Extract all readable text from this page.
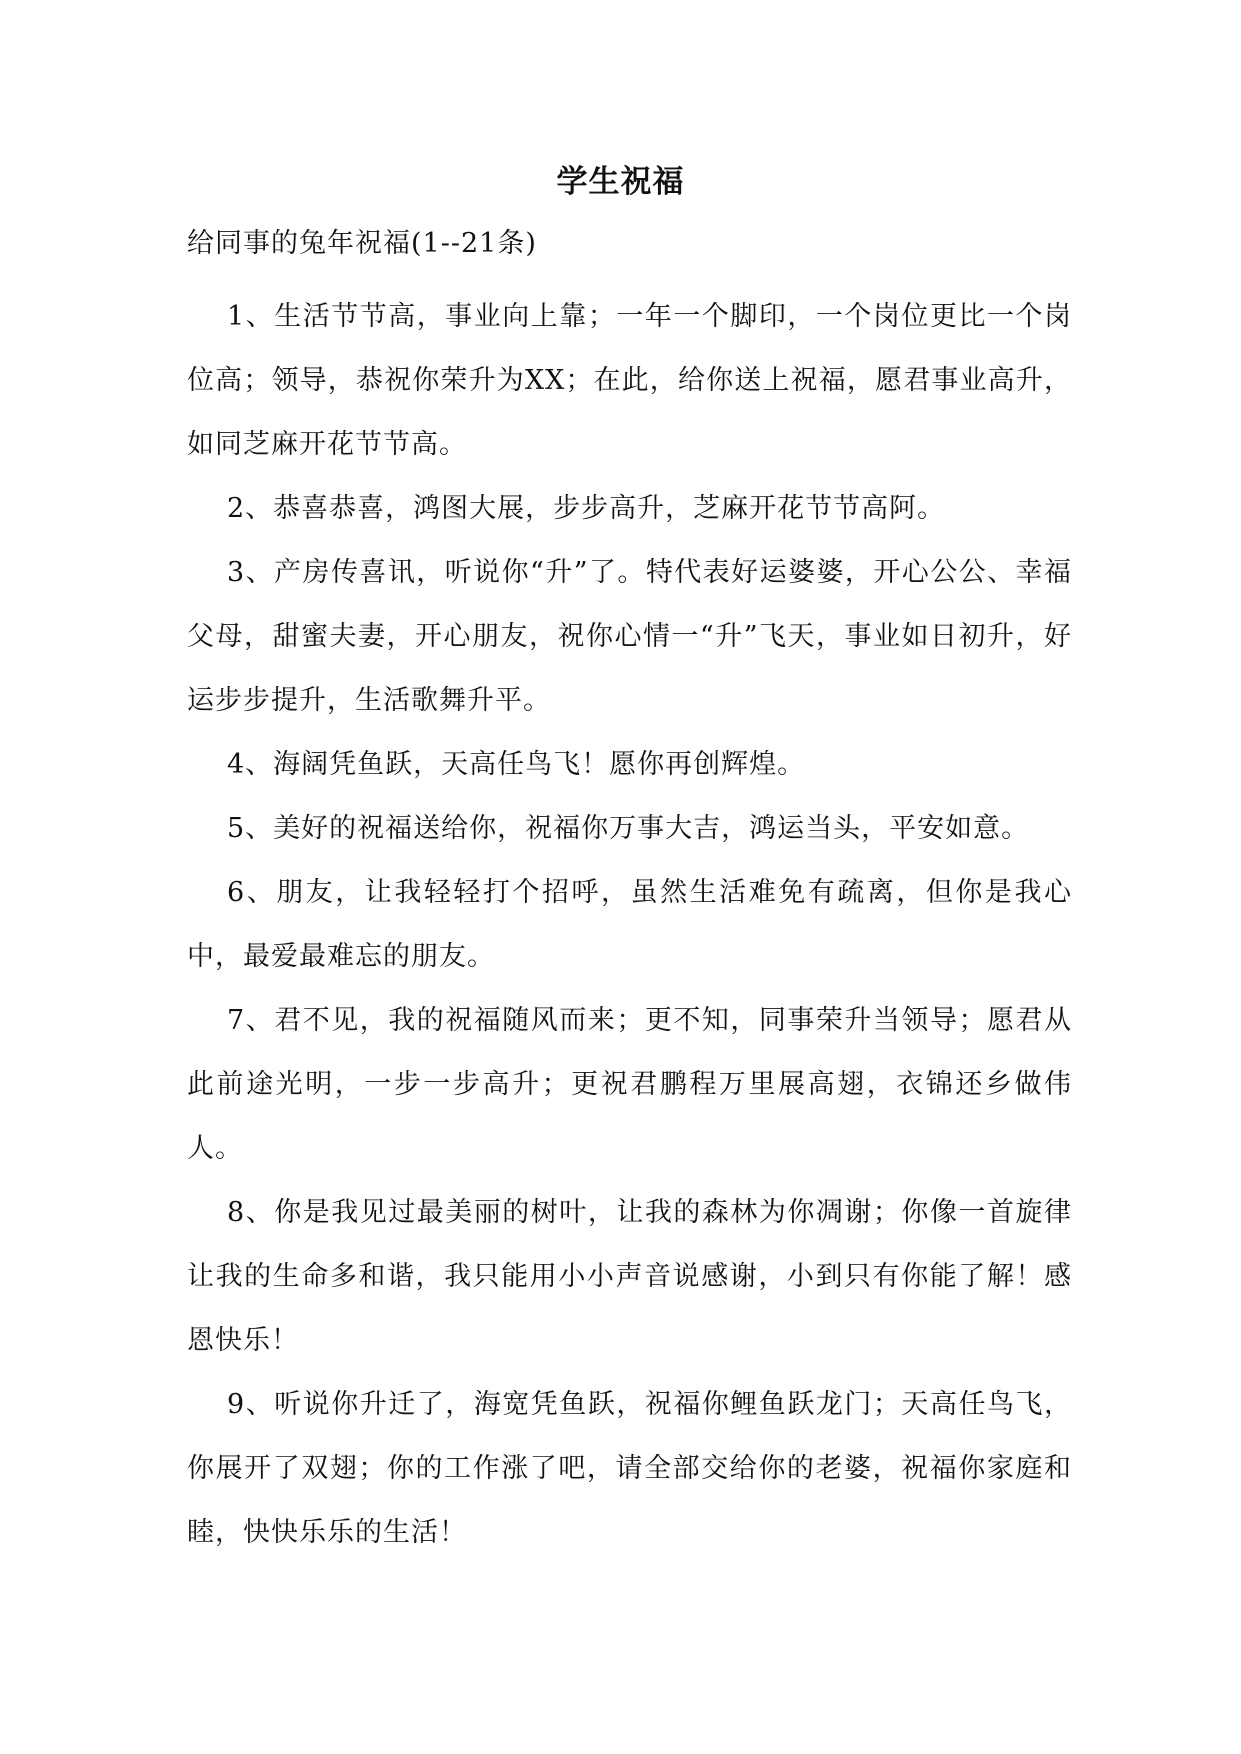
学生祝福

给同事的兔年祝福(1--21条)

1、生活节节高，事业向上靠；一年一个脚印，一个岗位更比一个岗位高；领导，恭祝你荣升为XX；在此，给你送上祝福，愿君事业高升，如同芝麻开花节节高。

2、恭喜恭喜，鸿图大展，步步高升，芝麻开花节节高阿。

3、产房传喜讯，听说你“升”了。特代表好运婆婆，开心公公、幸福父母，甜蜜夫妻，开心朋友，祝你心情一“升”飞天，事业如日初升，好运步步提升，生活歌舞升平。

4、海阔凭鱼跃，天高任鸟飞！愿你再创辉煌。

5、美好的祝福送给你，祝福你万事大吉，鸿运当头，平安如意。

6、朋友，让我轻轻打个招呼，虽然生活难免有疏离，但你是我心中，最爱最难忘的朋友。

7、君不见，我的祝福随风而来；更不知，同事荣升当领导；愿君从此前途光明，一步一步高升；更祝君鹏程万里展高翅，衣锦还乡做伟人。

8、你是我见过最美丽的树叶，让我的森林为你凋谢；你像一首旋律让我的生命多和谐，我只能用小小声音说感谢，小到只有你能了解！感恩快乐！

9、听说你升迁了，海宽凭鱼跃，祝福你鲤鱼跃龙门；天高任鸟飞，你展开了双翅；你的工作涨了吧，请全部交给你的老婆，祝福你家庭和睦，快快乐乐的生活！
